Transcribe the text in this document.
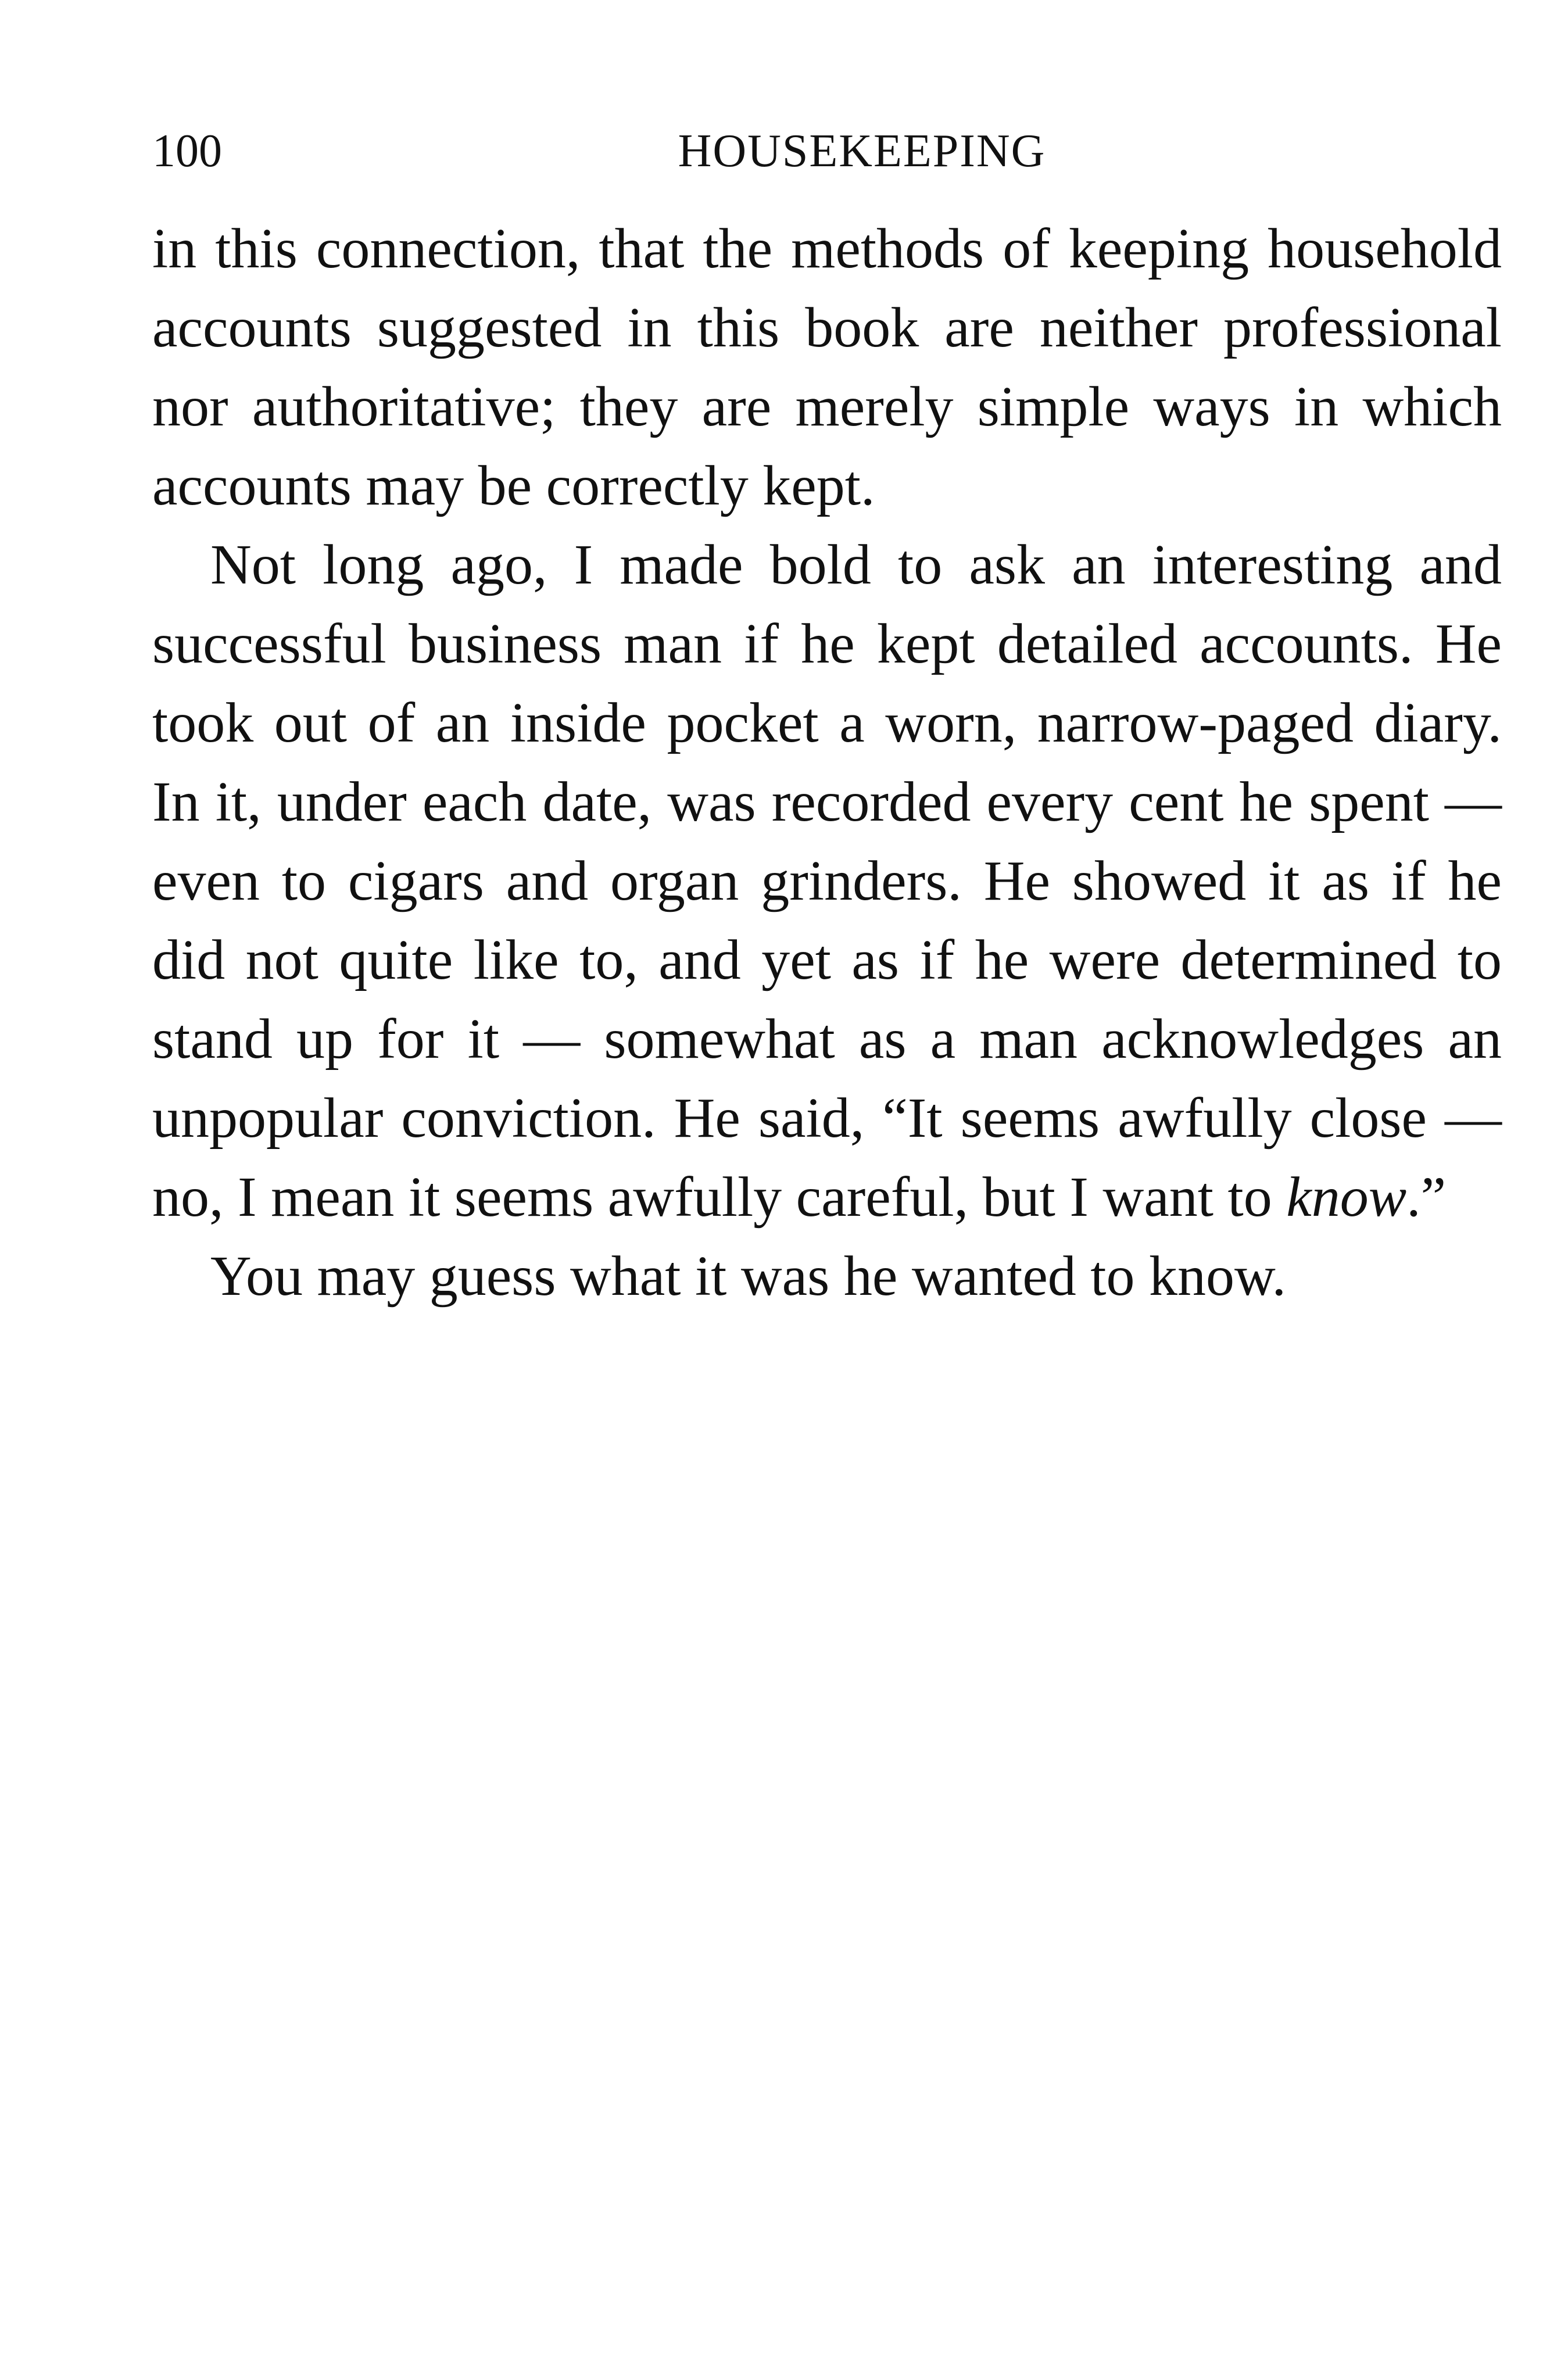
100	HOUSEKEEPING

in this connection, that the methods of keeping household accounts suggested in this book are neither professional nor authoritative; they are merely simple ways in which accounts may be correctly kept.

Not long ago, I made bold to ask an interesting and successful business man if he kept detailed accounts. He took out of an inside pocket a worn, narrow-paged diary. In it, under each date, was recorded every cent he spent — even to cigars and organ grinders. He showed it as if he did not quite like to, and yet as if he were determined to stand up for it — somewhat as a man acknowledges an unpopular conviction. He said, “It seems awfully close — no, I mean it seems awfully careful, but I want to know.”

You may guess what it was he wanted to know.
